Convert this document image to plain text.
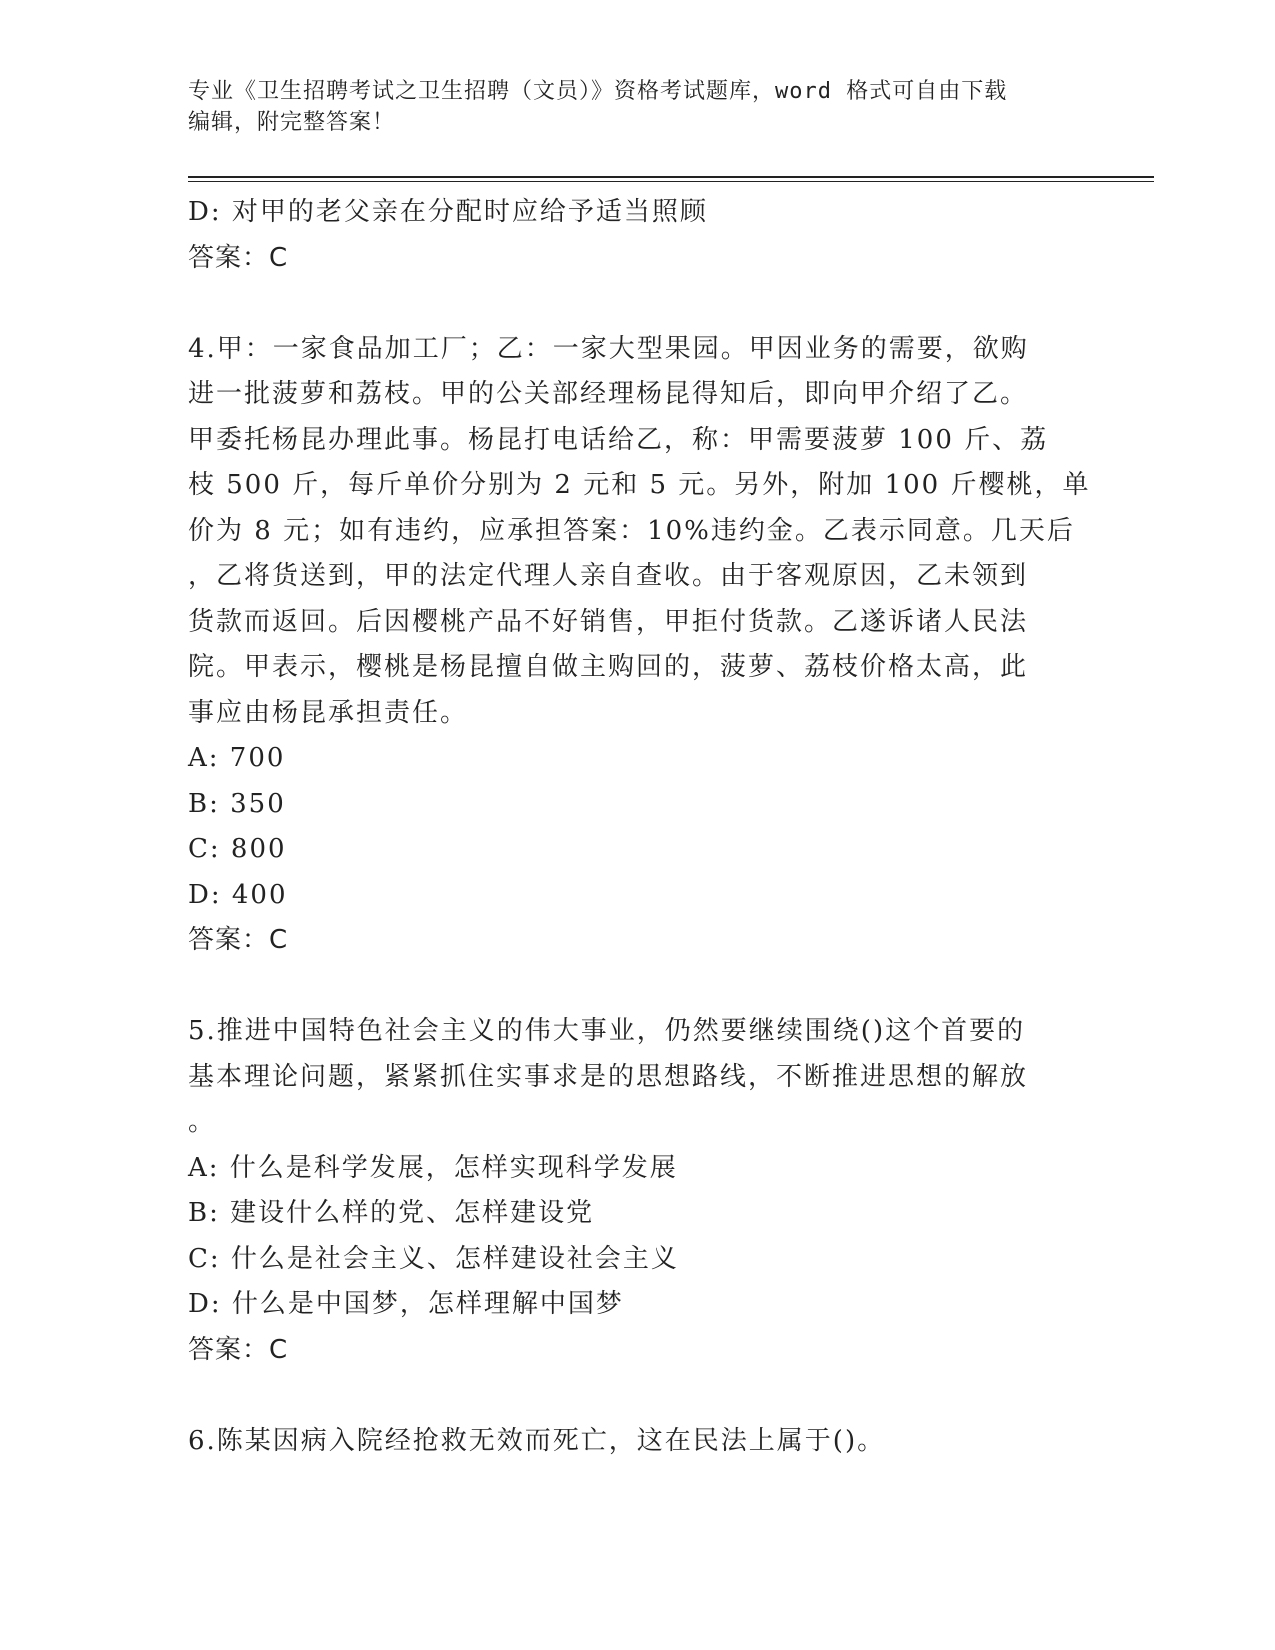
专业《卫生招聘考试之卫生招聘（文员）》资格考试题库，word 格式可自由下载
编辑，附完整答案！
D: 对甲的老父亲在分配时应给予适当照顾
答案：C
4.甲：一家食品加工厂；乙：一家大型果园。甲因业务的需要，欲购
进一批菠萝和荔枝。甲的公关部经理杨昆得知后，即向甲介绍了乙。
甲委托杨昆办理此事。杨昆打电话给乙，称：甲需要菠萝 100 斤、荔
枝 500 斤，每斤单价分别为 2 元和 5 元。另外，附加 100 斤樱桃，单
价为 8 元；如有违约，应承担答案：10%违约金。乙表示同意。几天后
，乙将货送到，甲的法定代理人亲自查收。由于客观原因，乙未领到
货款而返回。后因樱桃产品不好销售，甲拒付货款。乙遂诉诸人民法
院。甲表示，樱桃是杨昆擅自做主购回的，菠萝、荔枝价格太高，此
事应由杨昆承担责任。
A: 700
B: 350
C: 800
D: 400
答案：C
5.推进中国特色社会主义的伟大事业，仍然要继续围绕()这个首要的
基本理论问题，紧紧抓住实事求是的思想路线，不断推进思想的解放
。
A: 什么是科学发展，怎样实现科学发展
B: 建设什么样的党、怎样建设党
C: 什么是社会主义、怎样建设社会主义
D: 什么是中国梦，怎样理解中国梦
答案：C
6.陈某因病入院经抢救无效而死亡，这在民法上属于()。
